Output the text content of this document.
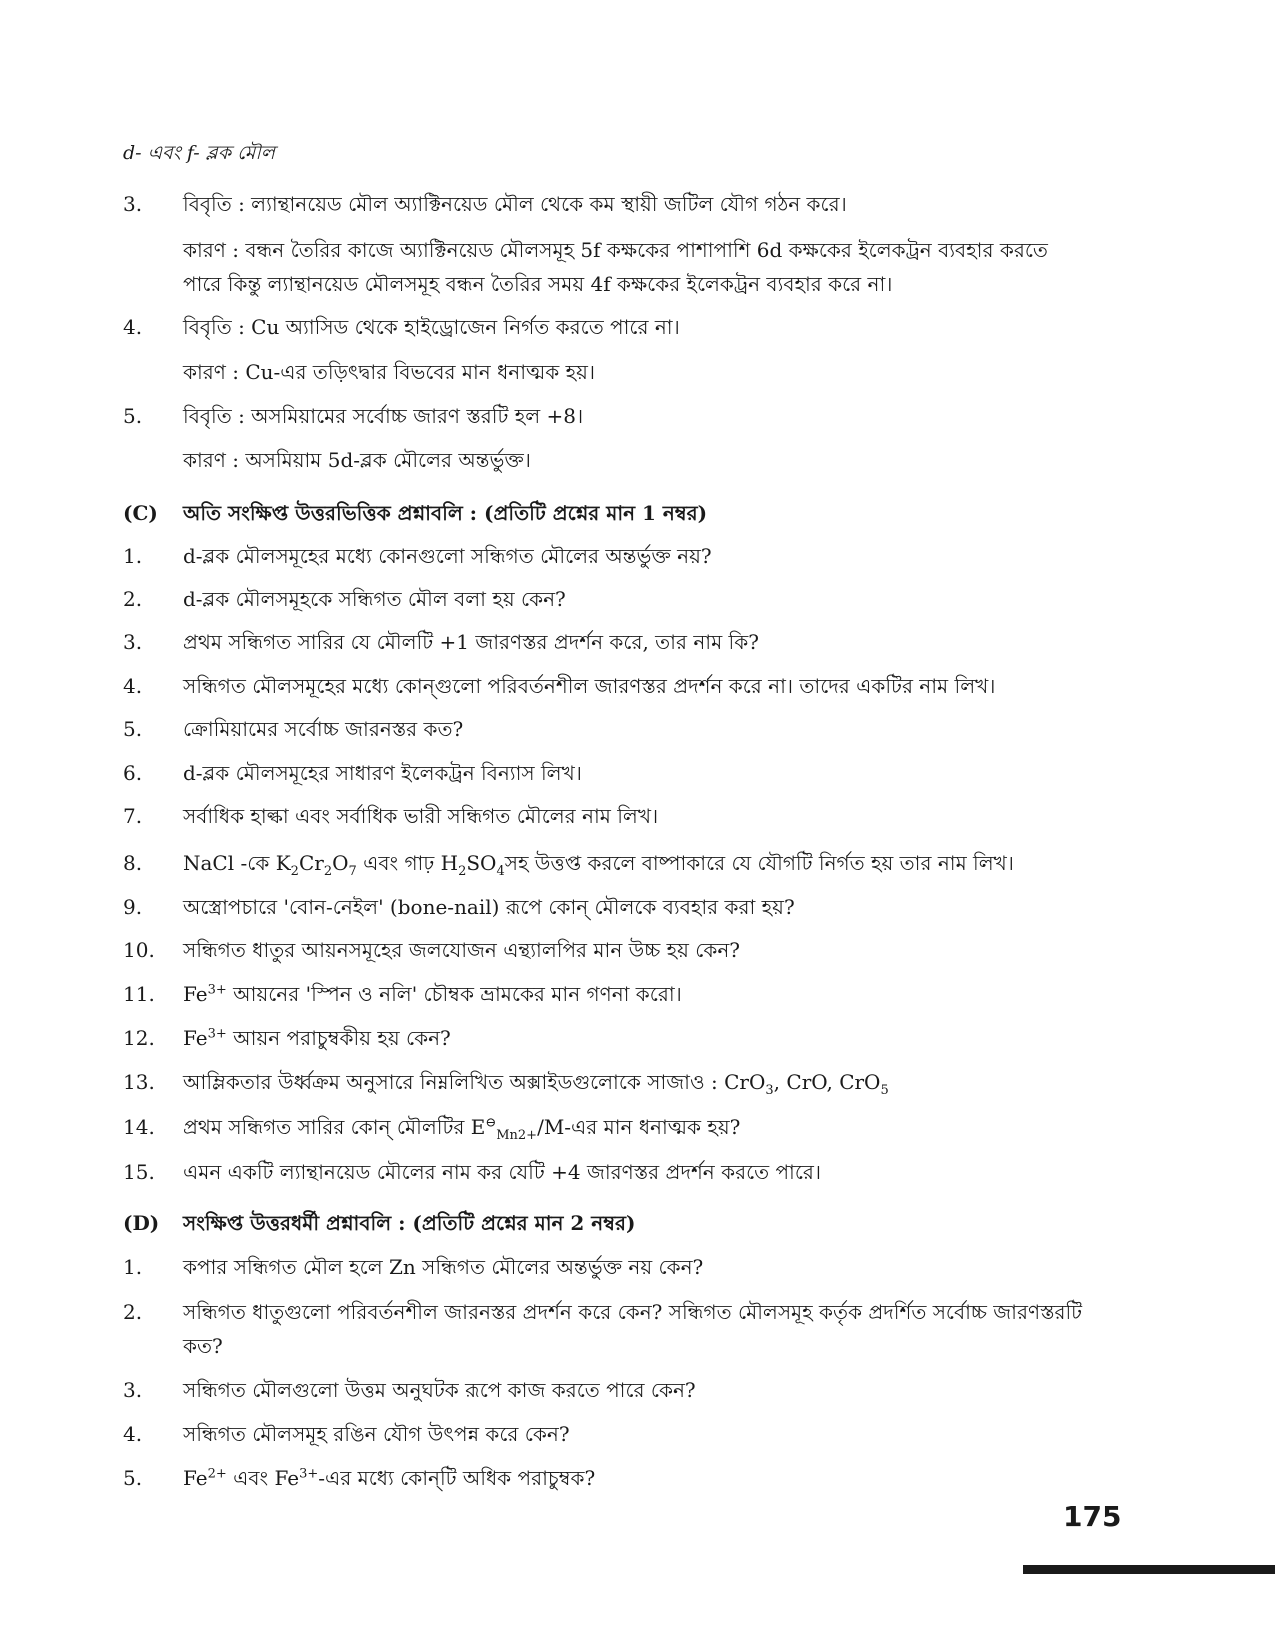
d- এবং f- ব্লক মৌল
3.	বিবৃতি : ল্যান্থানয়েড মৌল অ্যাক্টিনয়েড মৌল থেকে কম স্থায়ী জটিল যৌগ গঠন করে।
কারণ : বন্ধন তৈরির কাজে অ্যাক্টিনয়েড মৌলসমূহ 5f কক্ষকের পাশাপাশি 6d কক্ষকের ইলেকট্রন ব্যবহার করতে
পারে কিন্তু ল্যান্থানয়েড মৌলসমূহ বন্ধন তৈরির সময় 4f কক্ষকের ইলেকট্রন ব্যবহার করে না।
4.	বিবৃতি : Cu অ্যাসিড থেকে হাইড্রোজেন নির্গত করতে পারে না।
কারণ : Cu-এর তড়িৎদ্বার বিভবের মান ধনাত্মক হয়।
5.	বিবৃতি : অসমিয়ামের সর্বোচ্চ জারণ স্তরটি হল +8।
কারণ : অসমিয়াম 5d-ব্লক মৌলের অন্তর্ভুক্ত।
(C)	অতি সংক্ষিপ্ত উত্তরভিত্তিক প্রশ্নাবলি : (প্রতিটি প্রশ্নের মান 1 নম্বর)
1.	d-ব্লক মৌলসমূহের মধ্যে কোনগুলো সন্ধিগত মৌলের অন্তর্ভুক্ত নয়?
2.	d-ব্লক মৌলসমূহকে সন্ধিগত মৌল বলা হয় কেন?
3.	প্রথম সন্ধিগত সারির যে মৌলটি +1 জারণস্তর প্রদর্শন করে, তার নাম কি?
4.	সন্ধিগত মৌলসমূহের মধ্যে কোন্‌গুলো পরিবর্তনশীল জারণস্তর প্রদর্শন করে না। তাদের একটির নাম লিখ।
5.	ক্রোমিয়ামের সর্বোচ্চ জারনস্তর কত?
6.	d-ব্লক মৌলসমূহের সাধারণ ইলেকট্রন বিন্যাস লিখ।
7.	সর্বাধিক হাল্কা এবং সর্বাধিক ভারী সন্ধিগত মৌলের নাম লিখ।
8.	NaCl -কে $K_2Cr_2O_7$ এবং গাঢ় $H_2SO_4সহ$ উত্তপ্ত করলে বাষ্পাকারে যে যৌগটি নির্গত হয় তার নাম লিখ।
9.	অস্ত্রোপচারে 'বোন-নেইল' (bone-nail) রূপে কোন্ মৌলকে ব্যবহার করা হয়?
10.	সন্ধিগত ধাতুর আয়নসমূহের জলযোজন এন্থ্যালপির মান উচ্চ হয় কেন?
11.	$Fe^{3+}$ আয়নের 'স্পিন ও নলি' চৌম্বক ভ্রামকের মান গণনা করো।
12.	$Fe^{3+}$ আয়ন পরাচুম্বকীয় হয় কেন?
13.	আম্লিকতার উর্ধ্বক্রম অনুসারে নিম্নলিখিত অক্সাইডগুলোকে সাজাও : CrO$_3$, CrO, CrO$_5$
14.	প্রথম সন্ধিগত সারির কোন্ মৌলটির $E^⊖_{Mn2+}/M-এর$ মান ধনাত্মক হয়?
15.	এমন একটি ল্যান্থানয়েড মৌলের নাম কর যেটি +4 জারণস্তর প্রদর্শন করতে পারে।
(D)	সংক্ষিপ্ত উত্তরধর্মী প্রশ্নাবলি : (প্রতিটি প্রশ্নের মান 2 নম্বর)
1.	কপার সন্ধিগত মৌল হলে Zn সন্ধিগত মৌলের অন্তর্ভুক্ত নয় কেন?
2.	সন্ধিগত ধাতুগুলো পরিবর্তনশীল জারনস্তর প্রদর্শন করে কেন? সন্ধিগত মৌলসমূহ কর্তৃক প্রদর্শিত সর্বোচ্চ জারণস্তরটি
কত?
3.	সন্ধিগত মৌলগুলো উত্তম অনুঘটক রূপে কাজ করতে পারে কেন?
4.	সন্ধিগত মৌলসমূহ রঙিন যৌগ উৎপন্ন করে কেন?
5.	$Fe^{2+}$ এবং $Fe^{3+}-এর$ মধ্যে কোন্‌টি অধিক পরাচুম্বক?
175
